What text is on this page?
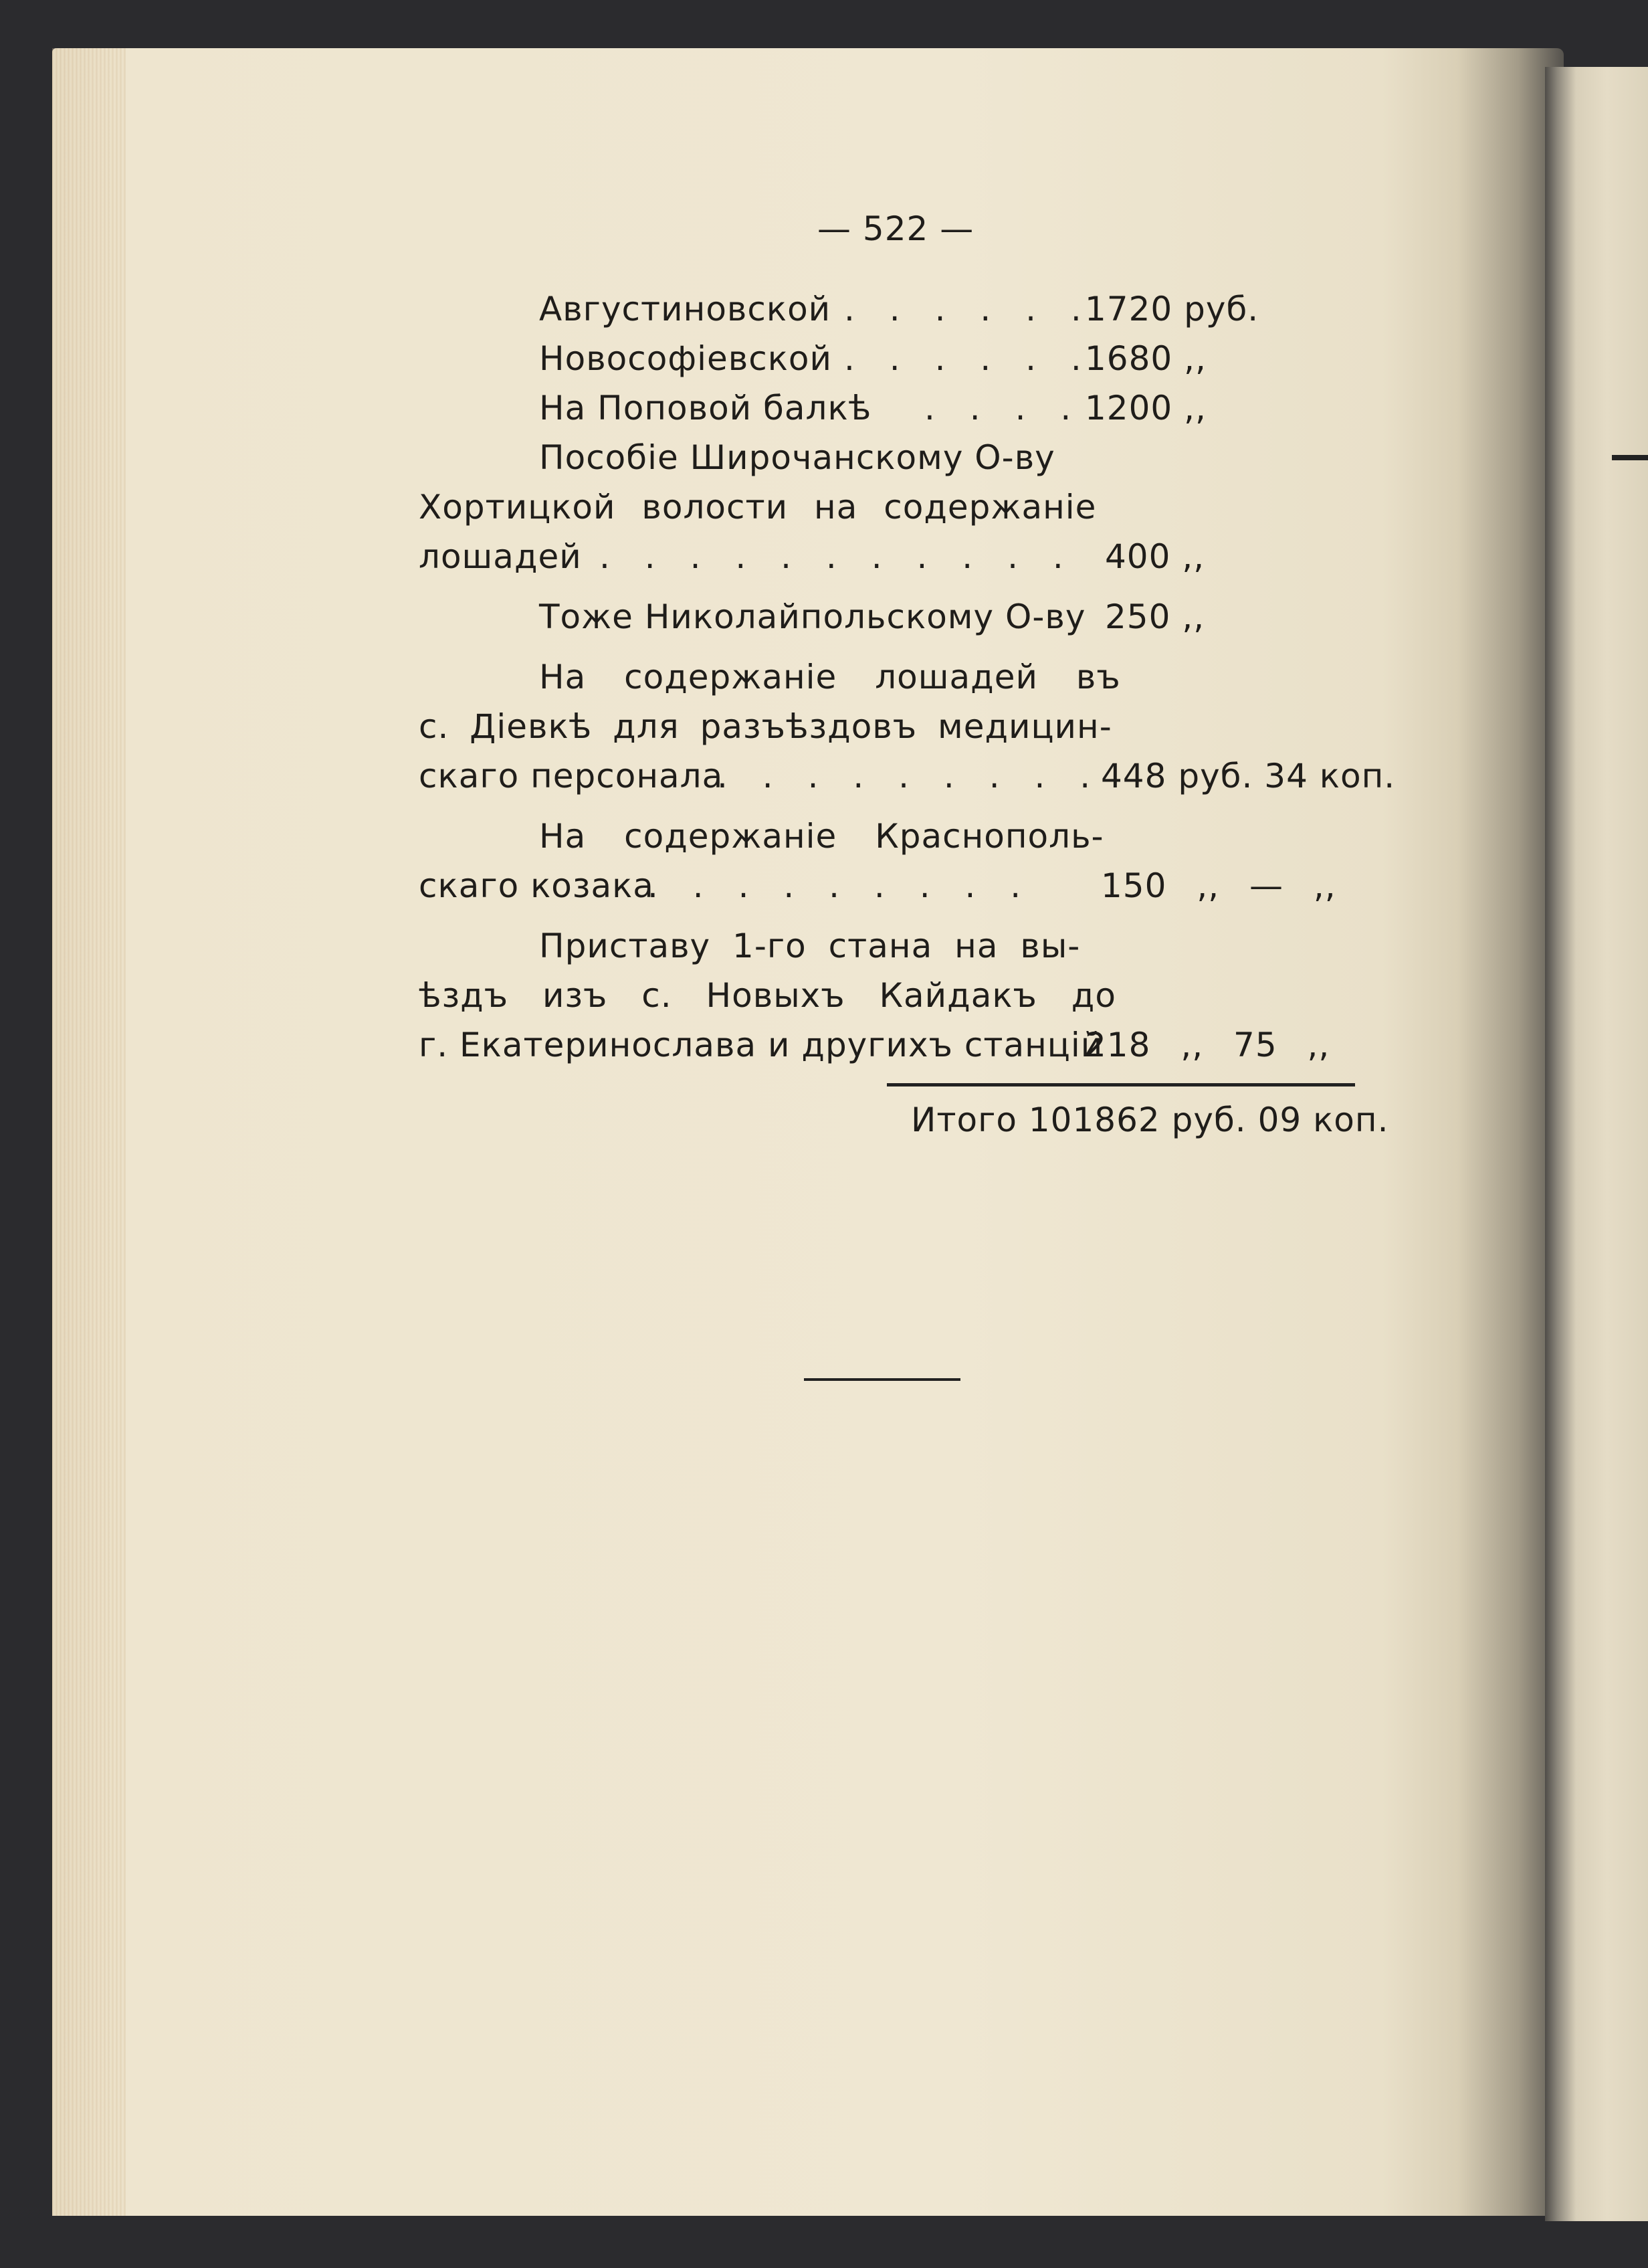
— 522 —
Августиновской . . . . . .
1720 руб.
Новософіевской . . . . . .
1680 ,,
На Поповой балкѣ . . . . 1200 ,,
Пособіе Широчанскому О-ву
Хортицкой волости на содержаніе
лошадей . . . . . . . . . . . 400 ,,
Тоже Николайпольскому О-ву 250 ,,
На содержаніе лошадей въ
с. Діевкѣ для разъѣздовъ медицин-
скаго персонала
. . . . . . . . .
448 руб. 34 коп.
На содержаніе Краснополь-
скаго козака
. . . . . . . . . 150 ,, — ,,
Приставу 1-го стана на вы-
ѣздъ изъ с. Новыхъ Кайдакъ до
г. Екатеринослава и другихъ станцій
218 ,, 75 ,,
Итого 101862 руб. 09 коп.
